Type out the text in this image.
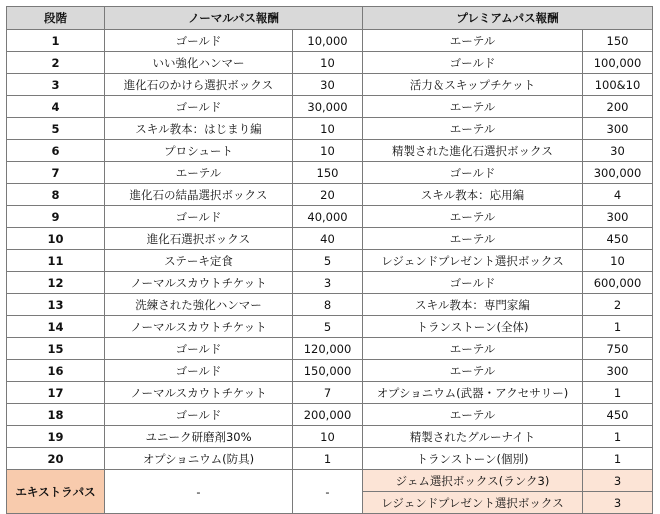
段階	ノーマルパス報酬		プレミアムパス報酬	
1	ゴールド	10,000	エーテル	150
2	いい強化ハンマー	10	ゴールド	100,000
3	進化石のかけら選択ボックス	30	活力＆スキップチケット	100&10
4	ゴールド	30,000	エーテル	200
5	スキル教本：はじまり編	10	エーテル	300
6	プロシュート	10	精製された進化石選択ボックス	30
7	エーテル	150	ゴールド	300,000
8	進化石の結晶選択ボックス	20	スキル教本：応用編	4
9	ゴールド	40,000	エーテル	300
10	進化石選択ボックス	40	エーテル	450
11	ステーキ定食	5	レジェンドプレゼント選択ボックス	10
12	ノーマルスカウトチケット	3	ゴールド	600,000
13	洗練された強化ハンマー	8	スキル教本：専門家編	2
14	ノーマルスカウトチケット	5	トランストーン(全体)	1
15	ゴールド	120,000	エーテル	750
16	ゴールド	150,000	エーテル	300
17	ノーマルスカウトチケット	7	オプショニウム(武器・アクセサリー)	1
18	ゴールド	200,000	エーテル	450
19	ユニーク研磨剤30%	10	精製されたグルーナイト	1
20	オプショニウム(防具)	1	トランストーン(個別)	1
エキストラパス	-	-	ジェム選択ボックス(ランク3)	3
			レジェンドプレゼント選択ボックス	3
